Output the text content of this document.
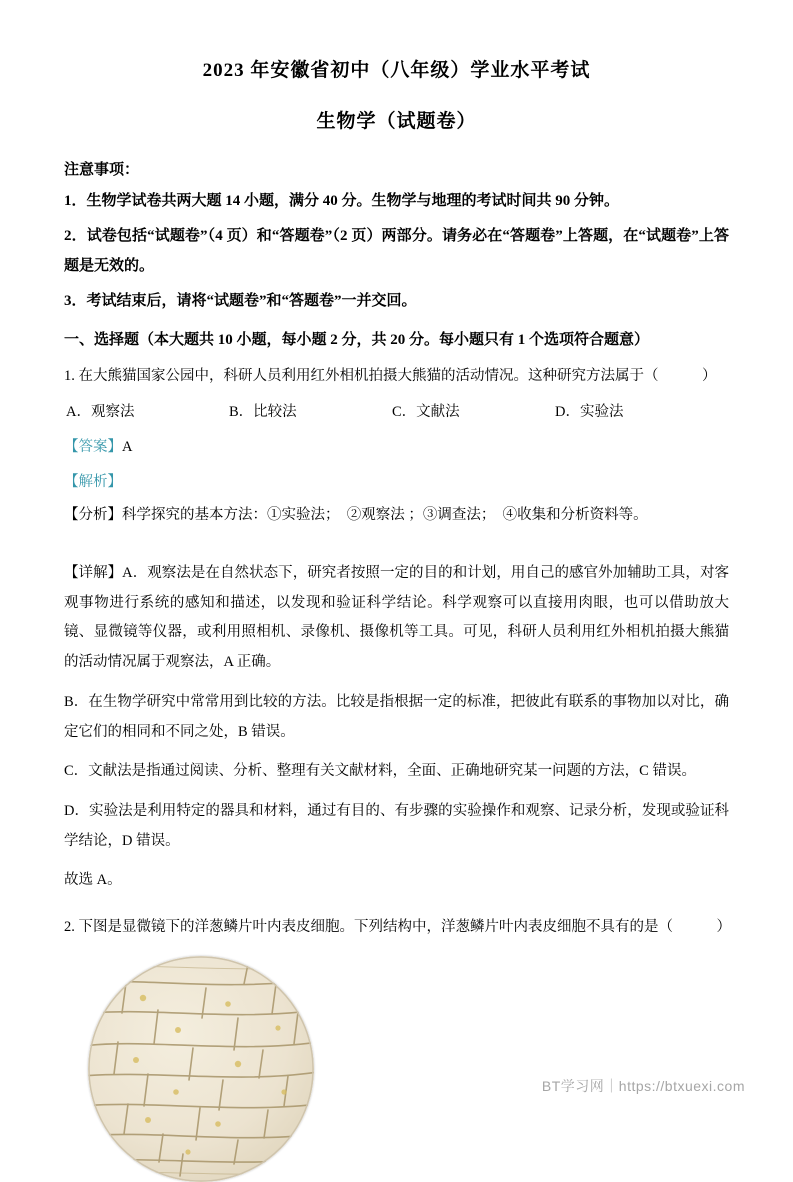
2023 年安徽省初中（八年级）学业水平考试
生物学（试题卷）
注意事项：
1．生物学试卷共两大题 14 小题，满分 40 分。生物学与地理的考试时间共 90 分钟。
2．试卷包括“试题卷”（4 页）和“答题卷”（2 页）两部分。请务必在“答题卷”上答题，在“试题卷”上答题是无效的。
3．考试结束后，请将“试题卷”和“答题卷”一并交回。
一、选择题（本大题共 10 小题，每小题 2 分，共 20 分。每小题只有 1 个选项符合题意）
1. 在大熊猫国家公园中，科研人员利用红外相机拍摄大熊猫的活动情况。这种研究方法属于（　　　）
A．观察法	B．比较法	C．文献法	D．实验法
【答案】A
【解析】
【分析】科学探究的基本方法：①实验法；　②观察法 ；③调查法；　④收集和分析资料等。
【详解】A．观察法是在自然状态下，研究者按照一定的目的和计划，用自己的感官外加辅助工具，对客观事物进行系统的感知和描述，以发现和验证科学结论。科学观察可以直接用肉眼，也可以借助放大镜、显微镜等仪器，或利用照相机、录像机、摄像机等工具。可见，科研人员利用红外相机拍摄大熊猫的活动情况属于观察法，A 正确。
B．在生物学研究中常常用到比较的方法。比较是指根据一定的标准，把彼此有联系的事物加以对比，确定它们的相同和不同之处，B 错误。
C．文献法是指通过阅读、分析、整理有关文献材料，全面、正确地研究某一问题的方法，C 错误。
D．实验法是利用特定的器具和材料，通过有目的、有步骤的实验操作和观察、记录分析，发现或验证科学结论，D 错误。
故选 A。
2. 下图是显微镜下的洋葱鳞片叶内表皮细胞。下列结构中，洋葱鳞片叶内表皮细胞不具有的是（　　　）
BT学习网｜https://btxuexi.com
